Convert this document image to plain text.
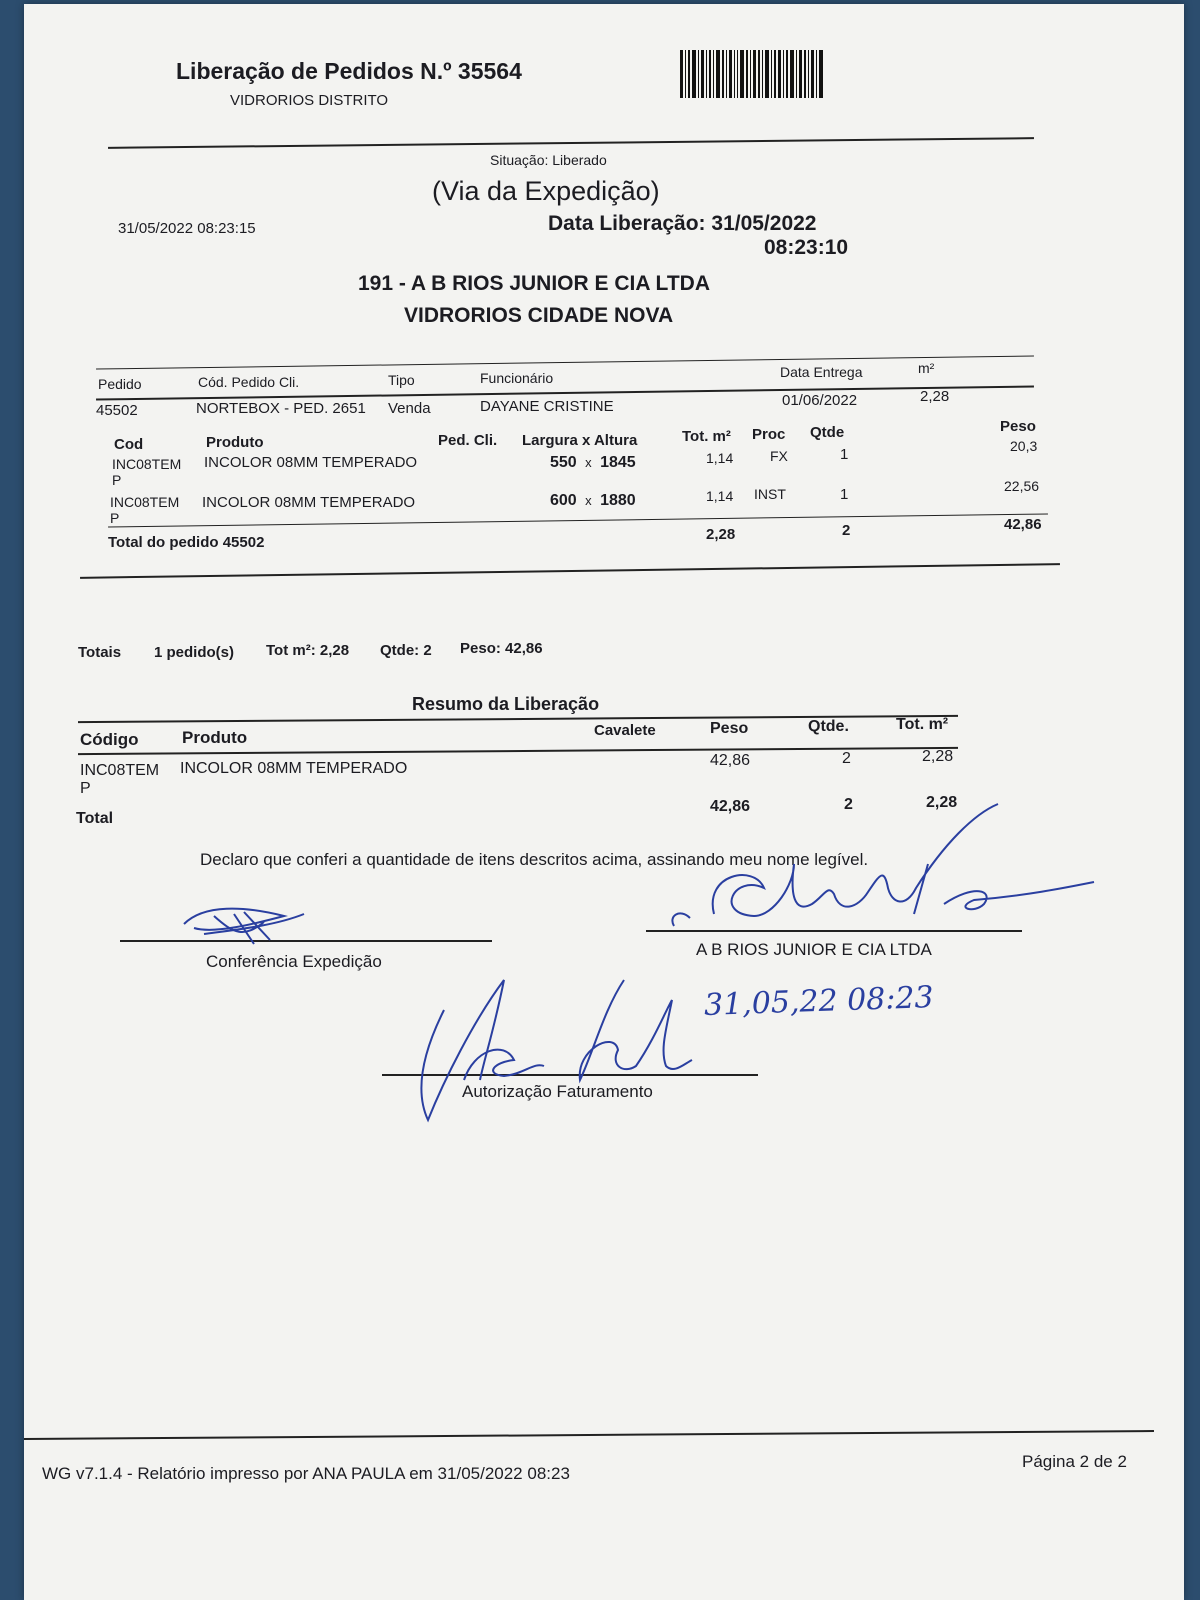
Liberação de Pedidos N.º 35564
VIDRORIOS DISTRITO
Situação: Liberado
(Via da Expedição)
31/05/2022 08:23:15	Data Liberação: 31/05/2022
08:23:10
191 - A B RIOS JUNIOR E CIA LTDA
VIDRORIOS CIDADE NOVA
Pedido	Cód. Pedido Cli.	Tipo	Funcionário	Data Entrega	m²
45502	NORTEBOX - PED. 2651 Venda	DAYANE CRISTINE	01/06/2022	2,28
Cod	Produto	Ped. Cli. Largura x Altura	Tot. m² Proc Qtde	Peso
INC08TEM
P
INCOLOR 08MM TEMPERADO	550 x 1845	1,14	FX	1	20,3
INC08TEM
P
INCOLOR 08MM TEMPERADO	600 x 1880	1,14 INST	1	22,56
Total do pedido 45502	2,28	2	42,86
Totais 1 pedido(s) Tot m²: 2,28 Qtde: 2 Peso: 42,86
Resumo da Liberação
Código	Produto	Cavalete	Peso	Qtde.	Tot. m²
INC08TEM
P
INCOLOR 08MM TEMPERADO	42,86	2	2,28
Total
42,86	2	2,28
Declaro que conferi a quantidade de itens descritos acima, assinando meu nome legível.
Conferência Expedição
A B RIOS JUNIOR E CIA LTDA
31,05,22 08:23
Autorização Faturamento
WG v7.1.4 - Relatório impresso por ANA PAULA em 31/05/2022 08:23
Página 2 de 2
